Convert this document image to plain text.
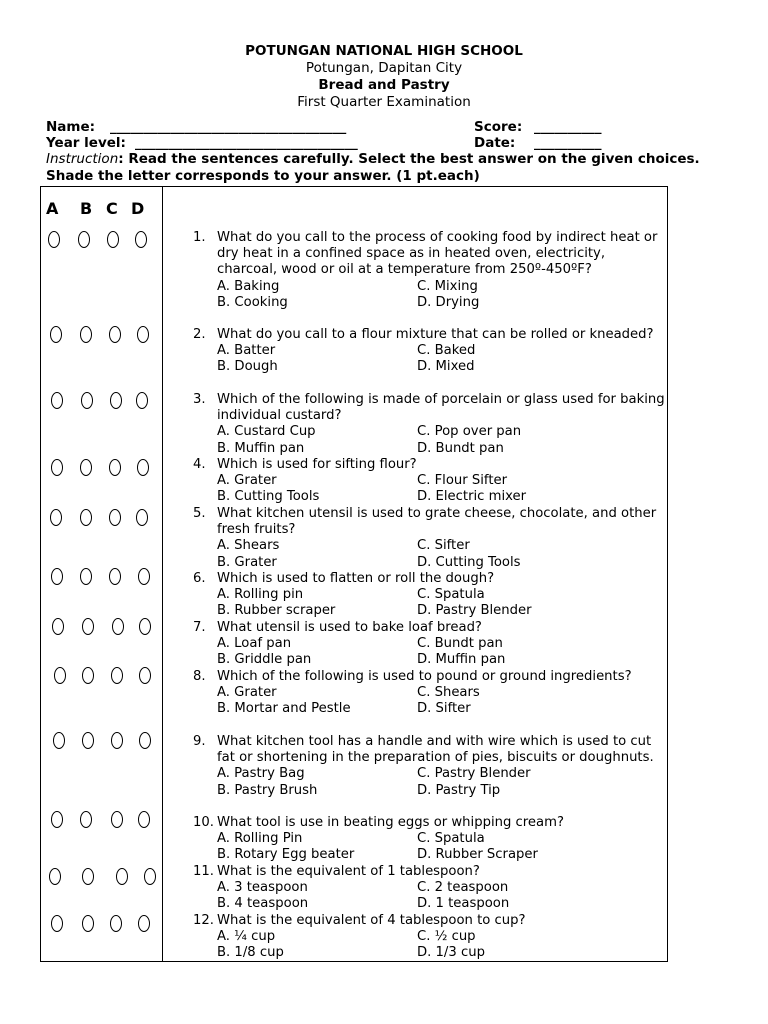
POTUNGAN NATIONAL HIGH SCHOOL
Potungan, Dapitan City
Bread and Pastry
First Quarter Examination
Name: ___________________________________	Score: __________
Year level: _________________________________	Date: __________
Instruction: Read the sentences carefully. Select the best answer on the given choices. Shade the letter corresponds to your answer. (1 pt.each)
A B C D
1. What do you call to the process of cooking food by indirect heat or dry heat in a confined space as in heated oven, electricity, charcoal, wood or oil at a temperature from 250º-450ºF?
A. Baking	C. Mixing
B. Cooking	D. Drying
2. What do you call to a flour mixture that can be rolled or kneaded?
A. Batter	C. Baked
B. Dough	D. Mixed
3. Which of the following is made of porcelain or glass used for baking individual custard?
A. Custard Cup	C. Pop over pan
B. Muffin pan	D. Bundt pan
4. Which is used for sifting flour?
A. Grater	C. Flour Sifter
B. Cutting Tools	D. Electric mixer
5. What kitchen utensil is used to grate cheese, chocolate, and other fresh fruits?
A. Shears	C. Sifter
B. Grater	D. Cutting Tools
6. Which is used to flatten or roll the dough?
A. Rolling pin	C. Spatula
B. Rubber scraper	D. Pastry Blender
7. What utensil is used to bake loaf bread?
A. Loaf pan	C. Bundt pan
B. Griddle pan	D. Muffin pan
8. Which of the following is used to pound or ground ingredients?
A. Grater	C. Shears
B. Mortar and Pestle	D. Sifter
9. What kitchen tool has a handle and with wire which is used to cut fat or shortening in the preparation of pies, biscuits or doughnuts.
A. Pastry Bag	C. Pastry Blender
B. Pastry Brush	D. Pastry Tip
10. What tool is use in beating eggs or whipping cream?
A. Rolling Pin	C. Spatula
B. Rotary Egg beater	D. Rubber Scraper
11. What is the equivalent of 1 tablespoon?
A. 3 teaspoon	C. 2 teaspoon
B. 4 teaspoon	D. 1 teaspoon
12. What is the equivalent of 4 tablespoon to cup?
A. ¼ cup	C. ½ cup
B. 1/8 cup	D. 1/3 cup
